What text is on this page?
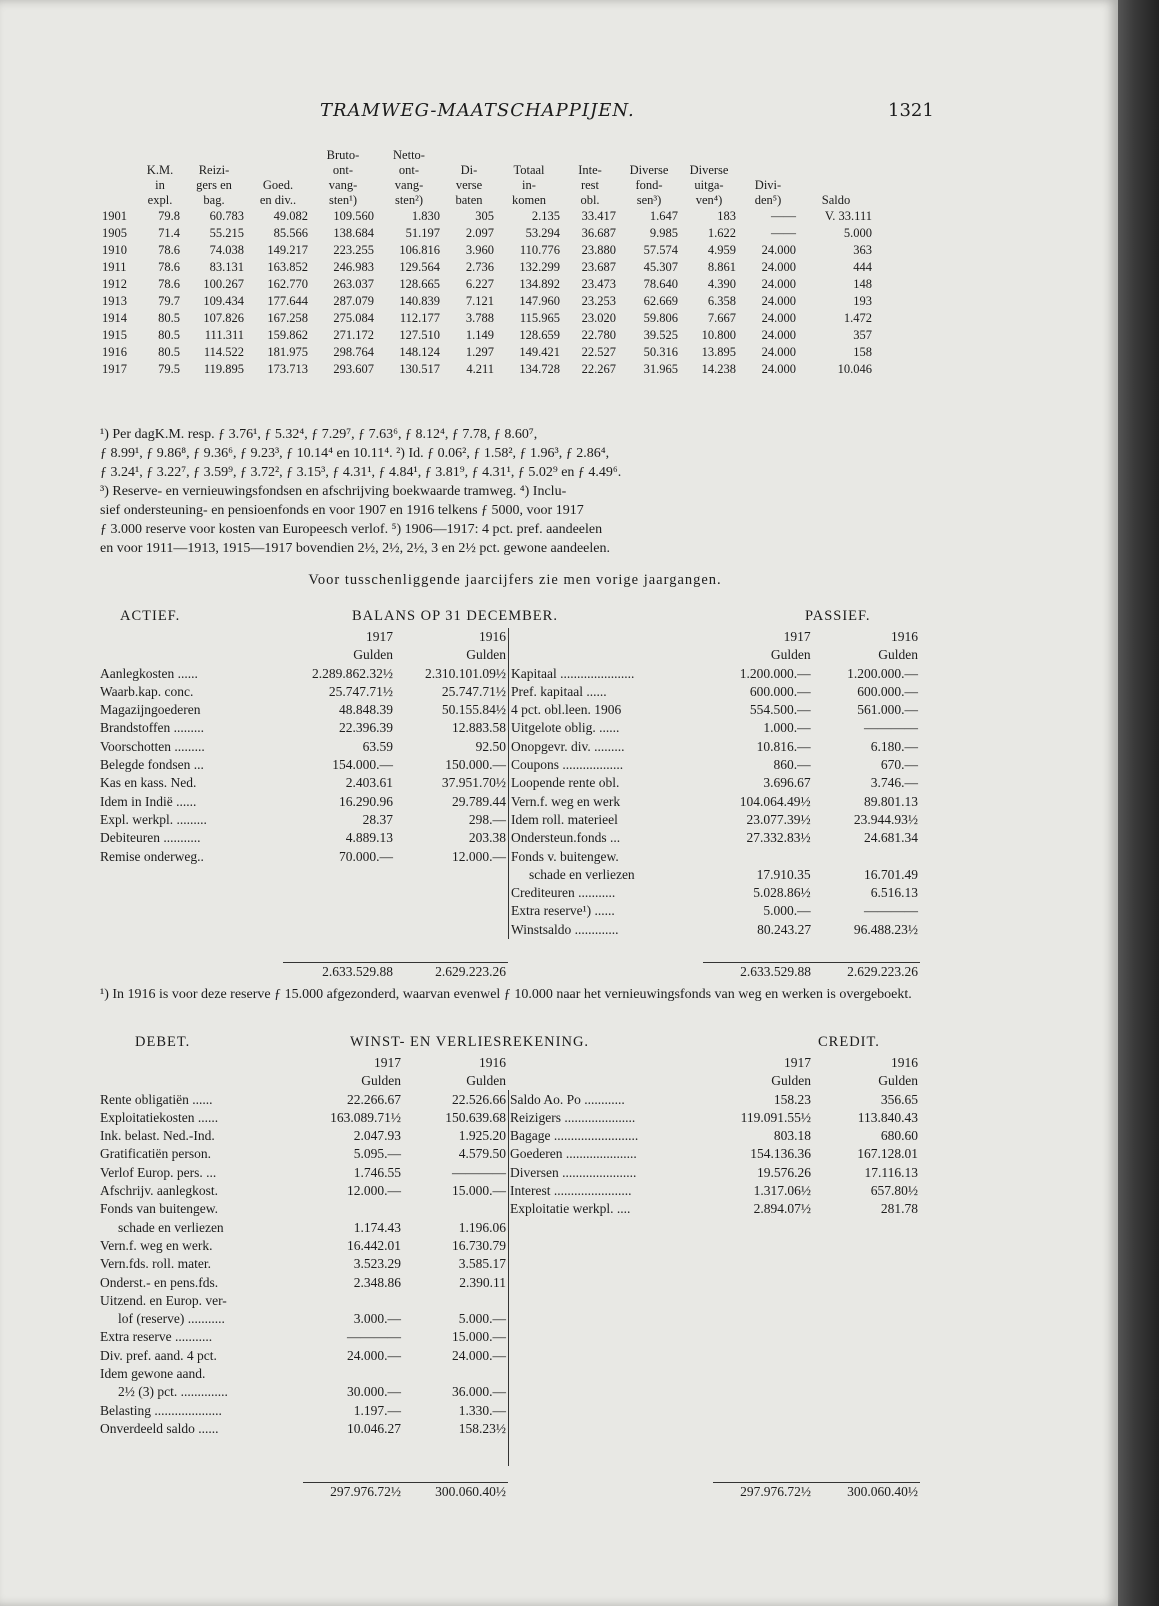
TRAMWEG-MAATSCHAPPIJEN.	1321
				Bruto-	Netto-							
	K.M.	Reizi-		ont-	ont-	Di-	Totaal	Inte-	Diverse	Diverse		
	in	gers en	Goed.	vang-	vang-	verse	in-	rest	fond-	uitga-	Divi-	
	expl.	bag.	en div..	sten¹)	sten²)	baten	komen	obl.	sen³)	ven⁴)	den⁵)	Saldo
1901	79.8	60.783	49.082	109.560	1.830	305	2.135	33.417	1.647	183	——	V. 33.111
1905	71.4	55.215	85.566	138.684	51.197	2.097	53.294	36.687	9.985	1.622	——	5.000
1910	78.6	74.038	149.217	223.255	106.816	3.960	110.776	23.880	57.574	4.959	24.000	363
1911	78.6	83.131	163.852	246.983	129.564	2.736	132.299	23.687	45.307	8.861	24.000	444
1912	78.6	100.267	162.770	263.037	128.665	6.227	134.892	23.473	78.640	4.390	24.000	148
1913	79.7	109.434	177.644	287.079	140.839	7.121	147.960	23.253	62.669	6.358	24.000	193
1914	80.5	107.826	167.258	275.084	112.177	3.788	115.965	23.020	59.806	7.667	24.000	1.472
1915	80.5	111.311	159.862	271.172	127.510	1.149	128.659	22.780	39.525	10.800	24.000	357
1916	80.5	114.522	181.975	298.764	148.124	1.297	149.421	22.527	50.316	13.895	24.000	158
1917	79.5	119.895	173.713	293.607	130.517	4.211	134.728	22.267	31.965	14.238	24.000	10.046
¹) Per dagK.M. resp. ƒ 3.76¹, ƒ 5.32⁴, ƒ 7.29⁷, ƒ 7.63⁶, ƒ 8.12⁴, ƒ 7.78, ƒ 8.60⁷,
ƒ 8.99¹, ƒ 9.86⁸, ƒ 9.36⁶, ƒ 9.23³, ƒ 10.14⁴ en 10.11⁴. ²) Id. ƒ 0.06², ƒ 1.58², ƒ 1.96³, ƒ 2.86⁴,
ƒ 3.24¹, ƒ 3.22⁷, ƒ 3.59⁹, ƒ 3.72², ƒ 3.15³, ƒ 4.31¹, ƒ 4.84¹, ƒ 3.81⁹, ƒ 4.31¹, ƒ 5.02⁹ en ƒ 4.49⁶.
³) Reserve- en vernieuwingsfondsen en afschrijving boekwaarde tramweg. ⁴) Inclu-
sief ondersteuning- en pensioenfonds en voor 1907 en 1916 telkens ƒ 5000, voor 1917
ƒ 3.000 reserve voor kosten van Europeesch verlof. ⁵) 1906—1917: 4 pct. pref. aandeelen
en voor 1911—1913, 1915—1917 bovendien 2½, 2½, 2½, 3 en 2½ pct. gewone aandeelen.
Voor tusschenliggende jaarcijfers zie men vorige jaargangen.
ACTIEF.	BALANS OP 31 DECEMBER.	PASSIEF.
	1917	1916
	Gulden	Gulden
Aanlegkosten ......	2.289.862.32½	2.310.101.09½
Waarb.kap. conc.	25.747.71½	25.747.71½
Magazijngoederen	48.848.39	50.155.84½
Brandstoffen .........	22.396.39	12.883.58
Voorschotten .........	63.59	92.50
Belegde fondsen ...	154.000.—	150.000.—
Kas en kass. Ned.	2.403.61	37.951.70½
Idem in Indië ......	16.290.96	29.789.44
Expl. werkpl. .........	28.37	298.—
Debiteuren ...........	4.889.13	203.38
Remise onderweg..	70.000.—	12.000.—
	1917	1916
	Gulden	Gulden
Kapitaal ......................	1.200.000.—	1.200.000.—
Pref. kapitaal ......	600.000.—	600.000.—
4 pct. obl.leen. 1906	554.500.—	561.000.—
Uitgelote oblig. ......	1.000.—	————
Onopgevr. div. .........	10.816.—	6.180.—
Coupons ..................	860.—	670.—
Loopende rente obl.	3.696.67	3.746.—
Vern.f. weg en werk	104.064.49½	89.801.13
Idem roll. materieel	23.077.39½	23.944.93½
Ondersteun.fonds ...	27.332.83½	24.681.34
Fonds v. buitengew.		
schade en verliezen	17.910.35	16.701.49
Crediteuren ...........	5.028.86½	6.516.13
Extra reserve¹) ......	5.000.—	————
Winstsaldo .............	80.243.27	96.488.23½
	2.633.529.88	2.629.223.26		2.633.529.88	2.629.223.26
¹) In 1916 is voor deze reserve ƒ 15.000 afgezonderd, waarvan evenwel ƒ 10.000 naar het vernieuwingsfonds van weg en werken is overgeboekt.
DEBET.	WINST- EN VERLIESREKENING.	CREDIT.
	1917	1916
	Gulden	Gulden
Rente obligatiën ......	22.266.67	22.526.66
Exploitatiekosten ......	163.089.71½	150.639.68
Ink. belast. Ned.-Ind.	2.047.93	1.925.20
Gratificatiën person.	5.095.—	4.579.50
Verlof Europ. pers. ...	1.746.55	————
Afschrijv. aanlegkost.	12.000.—	15.000.—
Fonds van buitengew.		
schade en verliezen	1.174.43	1.196.06
Vern.f. weg en werk.	16.442.01	16.730.79
Vern.fds. roll. mater.	3.523.29	3.585.17
Onderst.- en pens.fds.	2.348.86	2.390.11
Uitzend. en Europ. ver-		
lof (reserve) ...........	3.000.—	5.000.—
Extra reserve ...........	————	15.000.—
Div. pref. aand. 4 pct.	24.000.—	24.000.—
Idem gewone aand.		
2½ (3) pct. ..............	30.000.—	36.000.—
Belasting ....................	1.197.—	1.330.—
Onverdeeld saldo ......	10.046.27	158.23½
	1917	1916
	Gulden	Gulden
Saldo Ao. Po ............	158.23	356.65
Reizigers .....................	119.091.55½	113.840.43
Bagage .........................	803.18	680.60
Goederen .....................	154.136.36	167.128.01
Diversen ......................	19.576.26	17.116.13
Interest .......................	1.317.06½	657.80½
Exploitatie werkpl. ....	2.894.07½	281.78
	297.976.72½	300.060.40½		297.976.72½	300.060.40½
